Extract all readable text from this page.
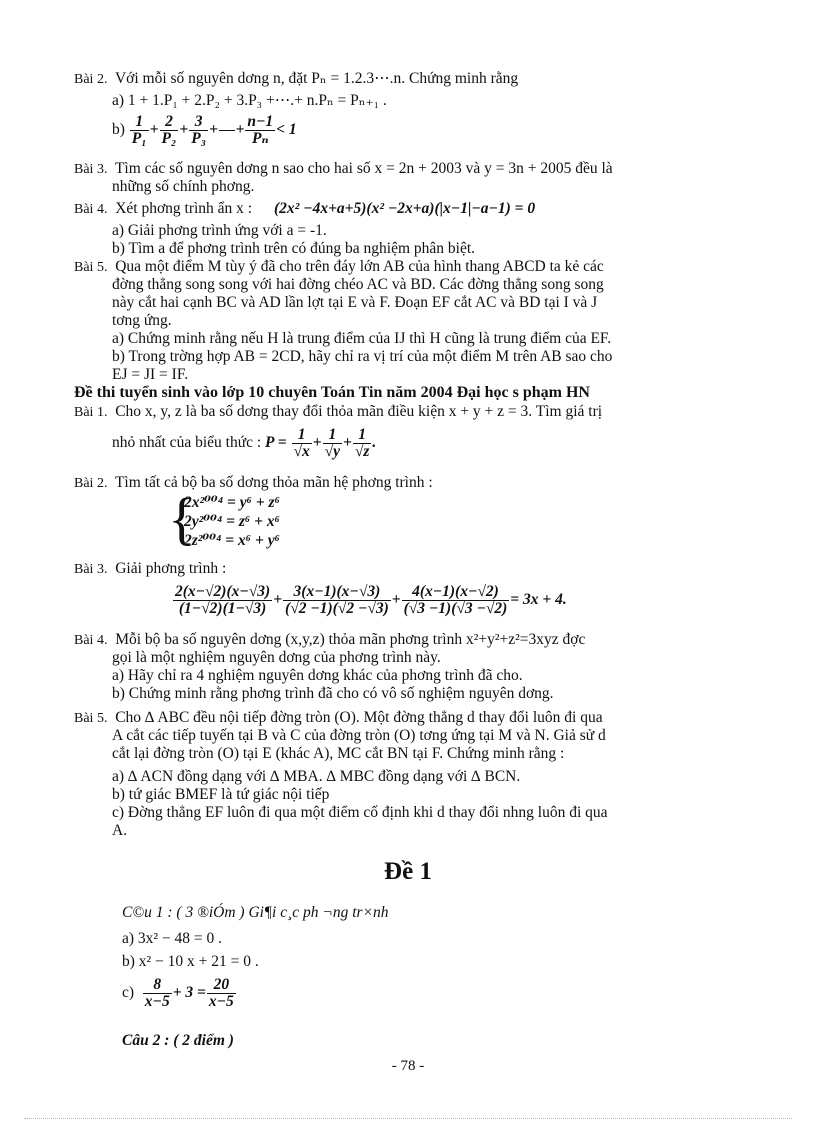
Bài 2. Với mỗi số nguyên dơng n, đặt Pₙ = 1.2.3⋯.n. Chứng minh rằng
a) 1 + 1.P₁ + 2.P₂ + 3.P₃ +⋯.+ n.Pₙ = Pₙ₊₁ .
$b) \frac{1}{\text{P₁}} + \frac{2}{\text{P₂}} + \frac{3}{\text{P₃}}$ +

+ $\frac{n-1}{\text{Pₙ}} < 1$
Bài 3. Tìm các số nguyên dơng n sao cho hai số x = 2n + 2003 và y = 3n + 2005 đều là
những số chính phơng.
Bài 4. Xét phơng trình ẩn x : (2x² −4x+a+5)(x² −2x+a)(|x−1|−a−1) = 0
a) Giải phơng trình ứng với a = -1.
b) Tìm a để phơng trình trên có đúng ba nghiệm phân biệt.
Bài 5. Qua một điểm M tùy ý đã cho trên đáy lớn AB của hình thang ABCD ta kẻ các
đờng thẳng song song với hai đờng chéo AC và BD. Các đờng thẳng song song
này cắt hai cạnh BC và AD lần lợt tại E và F. Đoạn EF cắt AC và BD tại I và J
tơng ứng.
a) Chứng minh rằng nếu H là trung điểm của IJ thì H cũng là trung điểm của EF.
b) Trong trờng hợp AB = 2CD, hãy chỉ ra vị trí của một điểm M trên AB sao cho
EJ = JI = IF.
Đề thi tuyển sinh vào lớp 10 chuyên Toán Tin năm 2004 Đại học s phạm HN
Bài 1. Cho x, y, z là ba số dơng thay đổi thỏa mãn điều kiện x + y + z = 3. Tìm giá trị
nhỏ nhất của biểu thức : $P = \frac{1}{√x} + \frac{1}{√y} + \frac{1}{√z}$ .
Bài 2. Tìm tất cả bộ ba số dơng thỏa mãn hệ phơng trình :
{
2x²⁰⁰⁴ = y⁶ + z⁶
2y²⁰⁰⁴ = z⁶ + x⁶
2z²⁰⁰⁴ = x⁶ + y⁶
Bài 3. Giải phơng trình :
$\frac{2(x-√2)(x-√3)}{(1-√2)(1-√3)} + \frac{3(x-1)(x-√3)}{(√2 -1)(√2 -√3)} + \frac{4(x-1)(x-√2)}{(√3 -1)(√3 -√2)} = 3x + 4$.
Bài 4. Mỗi bộ ba số nguyên dơng (x,y,z) thỏa mãn phơng trình x²+y²+z²=3xyz đợc
gọi là một nghiệm nguyên dơng của phơng trình này.
a) Hãy chỉ ra 4 nghiệm nguyên dơng khác của phơng trình đã cho.
b) Chứng minh rằng phơng trình đã cho có vô số nghiệm nguyên dơng.
Bài 5. Cho ∆ ABC đều nội tiếp đờng tròn (O). Một đờng thẳng d thay đổi luôn đi qua
A cắt các tiếp tuyến tại B và C của đờng tròn (O) tơng ứng tại M và N. Giả sử d
cắt lại đờng tròn (O) tại E (khác A), MC cắt BN tại F. Chứng minh rằng :
a) ∆ ACN đồng dạng với ∆ MBA. ∆ MBC đồng dạng với ∆ BCN.
b) tứ giác BMEF là tứ giác nội tiếp
c) Đờng thẳng EF luôn đi qua một điểm cố định khi d thay đổi nhng luôn đi qua
A.
Đề 1
C©u 1 : ( 3 ®iÓm ) Gi¶i c¸c ph ¬ng tr×nh
a) 3x² − 48 = 0 .
b) x² − 10 x + 21 = 0 .
$c) \frac{8}{x-5} + 3 = \frac{20}{x-5}$
Câu 2 : ( 2 điểm )
- 78 -
